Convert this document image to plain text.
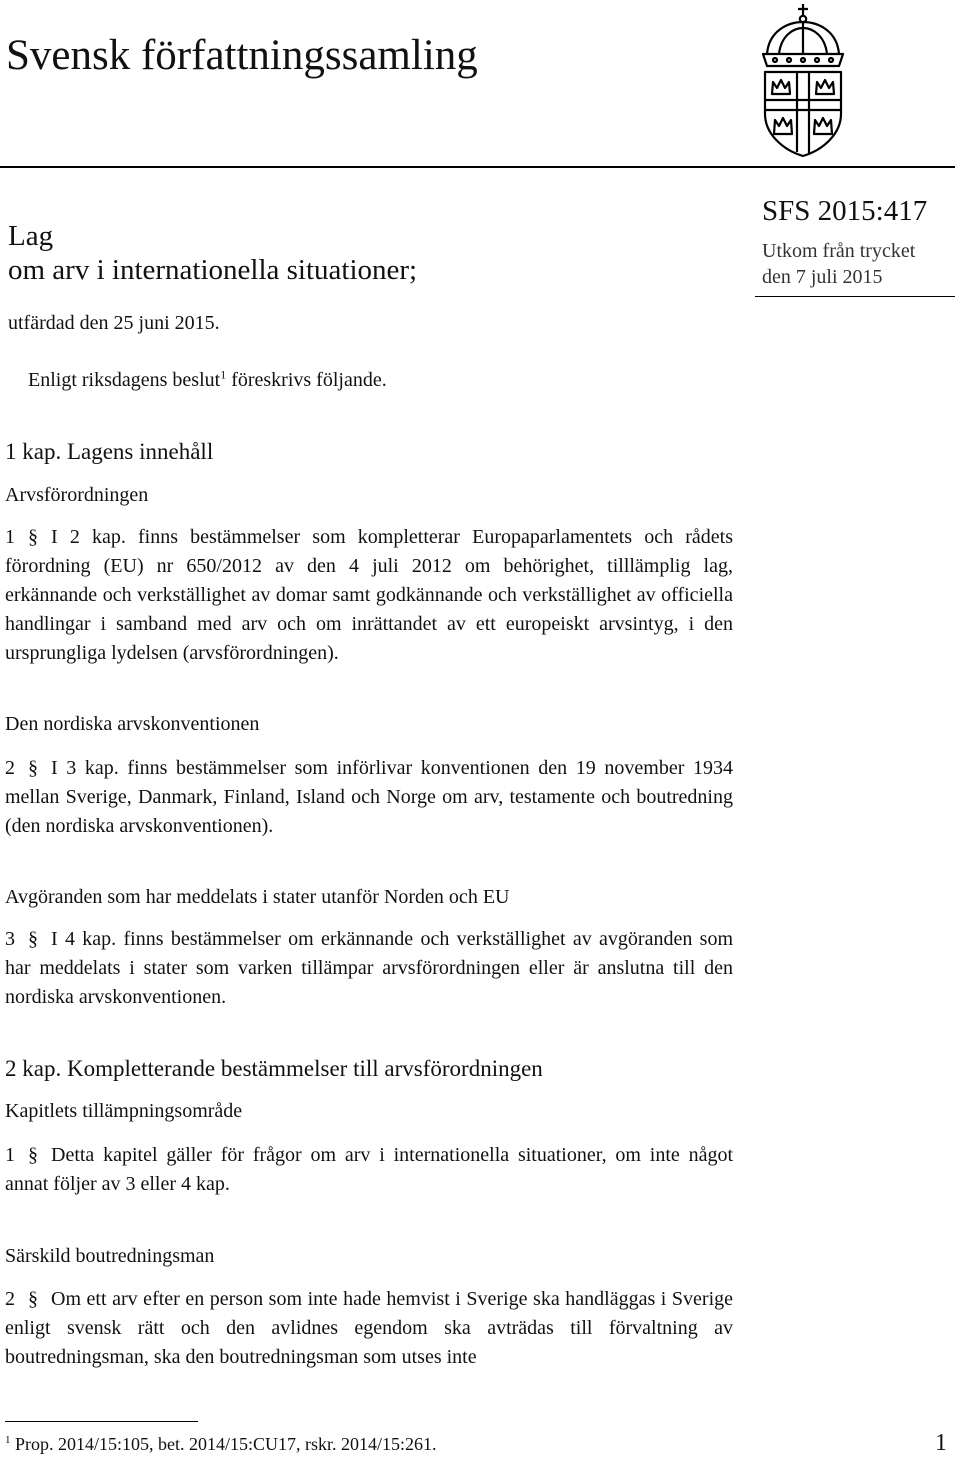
Svensk författningssamling
Lag
om arv i internationella situationer;
SFS 2015:417
Utkom från trycket
den 7 juli 2015
utfärdad den 25 juni 2015.
Enligt riksdagens beslut$^1$ föreskrivs följande.
1 kap. Lagens innehåll
Arvsförordningen
1 § I 2 kap. finns bestämmelser som kompletterar Europaparlamentets och rådets förordning (EU) nr 650/2012 av den 4 juli 2012 om behörighet, tilllämplig lag, erkännande och verkställighet av domar samt godkännande och verkställighet av officiella handlingar i samband med arv och om inrättandet av ett europeiskt arvsintyg, i den ursprungliga lydelsen (arvsförordningen).
Den nordiska arvskonventionen
2 § I 3 kap. finns bestämmelser som införlivar konventionen den 19 november 1934 mellan Sverige, Danmark, Finland, Island och Norge om arv, testamente och boutredning (den nordiska arvskonventionen).
Avgöranden som har meddelats i stater utanför Norden och EU
3 § I 4 kap. finns bestämmelser om erkännande och verkställighet av avgöranden som har meddelats i stater som varken tillämpar arvsförordningen eller är anslutna till den nordiska arvskonventionen.
2 kap. Kompletterande bestämmelser till arvsförordningen
Kapitlets tillämpningsområde
1 § Detta kapitel gäller för frågor om arv i internationella situationer, om inte något annat följer av 3 eller 4 kap.
Särskild boutredningsman
2 § Om ett arv efter en person som inte hade hemvist i Sverige ska handläggas i Sverige enligt svensk rätt och den avlidnes egendom ska avträdas till förvaltning av boutredningsman, ska den boutredningsman som utses inte
$^1$ Prop. 2014/15:105, bet. 2014/15:CU17, rskr. 2014/15:261.	1
